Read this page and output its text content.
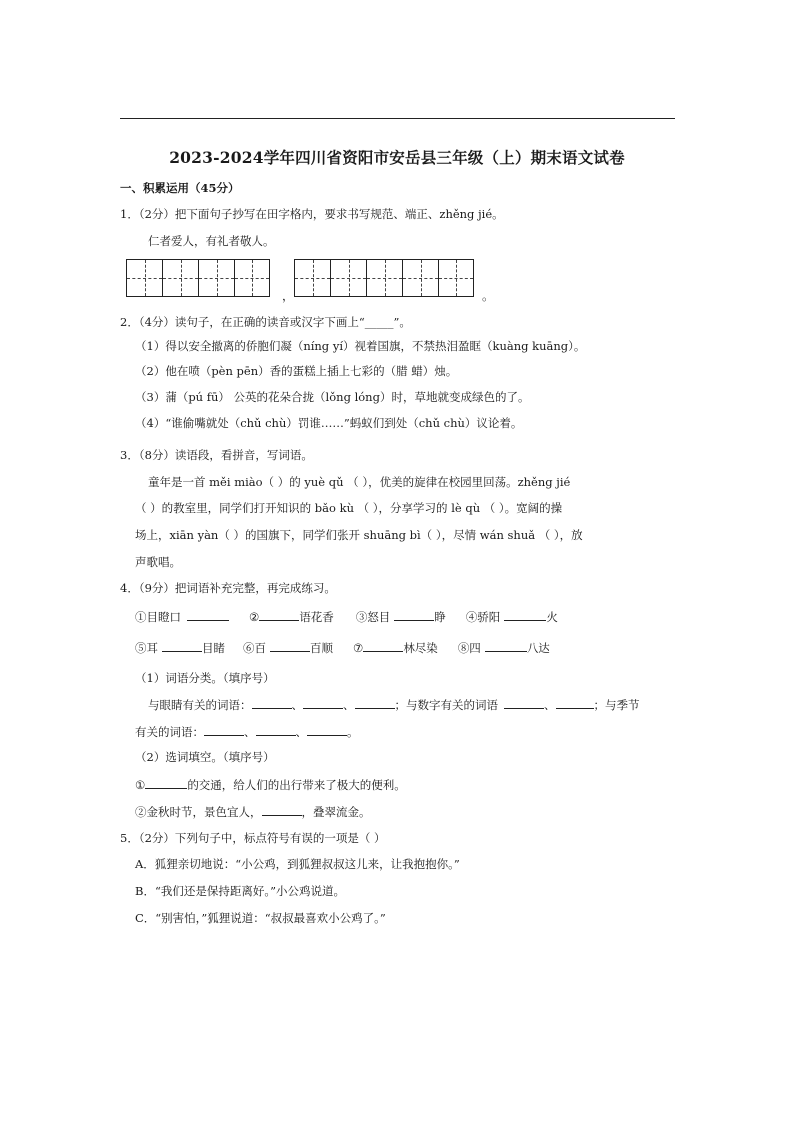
2023-2024学年四川省资阳市安岳县三年级（上）期末语文试卷
一、积累运用（45分）
1．（2分）把下面句子抄写在田字格内，要求书写规范、端正、zhěng jié。
仁者爱人，有礼者敬人。
，	。
2．（4分）读句子，在正确的读音或汉字下画上“_____”。
（1）得以安全撤离的侨胞们凝（níng yí）视着国旗，不禁热泪盈眶（kuàng kuāng）。
（2）他在喷（pèn pēn）香的蛋糕上插上七彩的（腊 蜡）烛。
（3）蒲（pú fū） 公英的花朵合拢（lǒng lóng）时，草地就变成绿色的了。
（4）“谁偷嘴就处（chǔ chù）罚谁……”蚂蚁们到处（chǔ chù）议论着。
3．（8分）读语段，看拼音，写词语。
童年是一首 měi miào（ ）的 yuè qǔ （ ），优美的旋律在校园里回荡。zhěng jié
（ ）的教室里，同学们打开知识的 bǎo kù （ ），分享学习的 lè qù （ ）。宽阔的操
场上，xiān yàn（ ）的国旗下，同学们张开 shuāng bì（ ），尽情 wán shuǎ （ ），放
声歌唱。
4．（9分）把词语补充完整，再完成练习。
①目瞪口	②	语花香 ③怒目	睁 ④骄阳	火
⑤耳	目睹 ⑥百	百顺 ⑦	林尽染 ⑧四	八达
（1）词语分类。（填序号）
与眼睛有关的词语：	、	、	；与数字有关的词语	、	；与季节
有关的词语：	、	、	。
（2）选词填空。（填序号）
①	的交通，给人们的出行带来了极大的便利。
②金秋时节，景色宜人，	，叠翠流金。
5．（2分）下列句子中，标点符号有误的一项是（ ）
A．狐狸亲切地说：“小公鸡，到狐狸叔叔这儿来，让我抱抱你。”
B．“我们还是保持距离好。”小公鸡说道。
C．“别害怕，”狐狸说道：“叔叔最喜欢小公鸡了。”
